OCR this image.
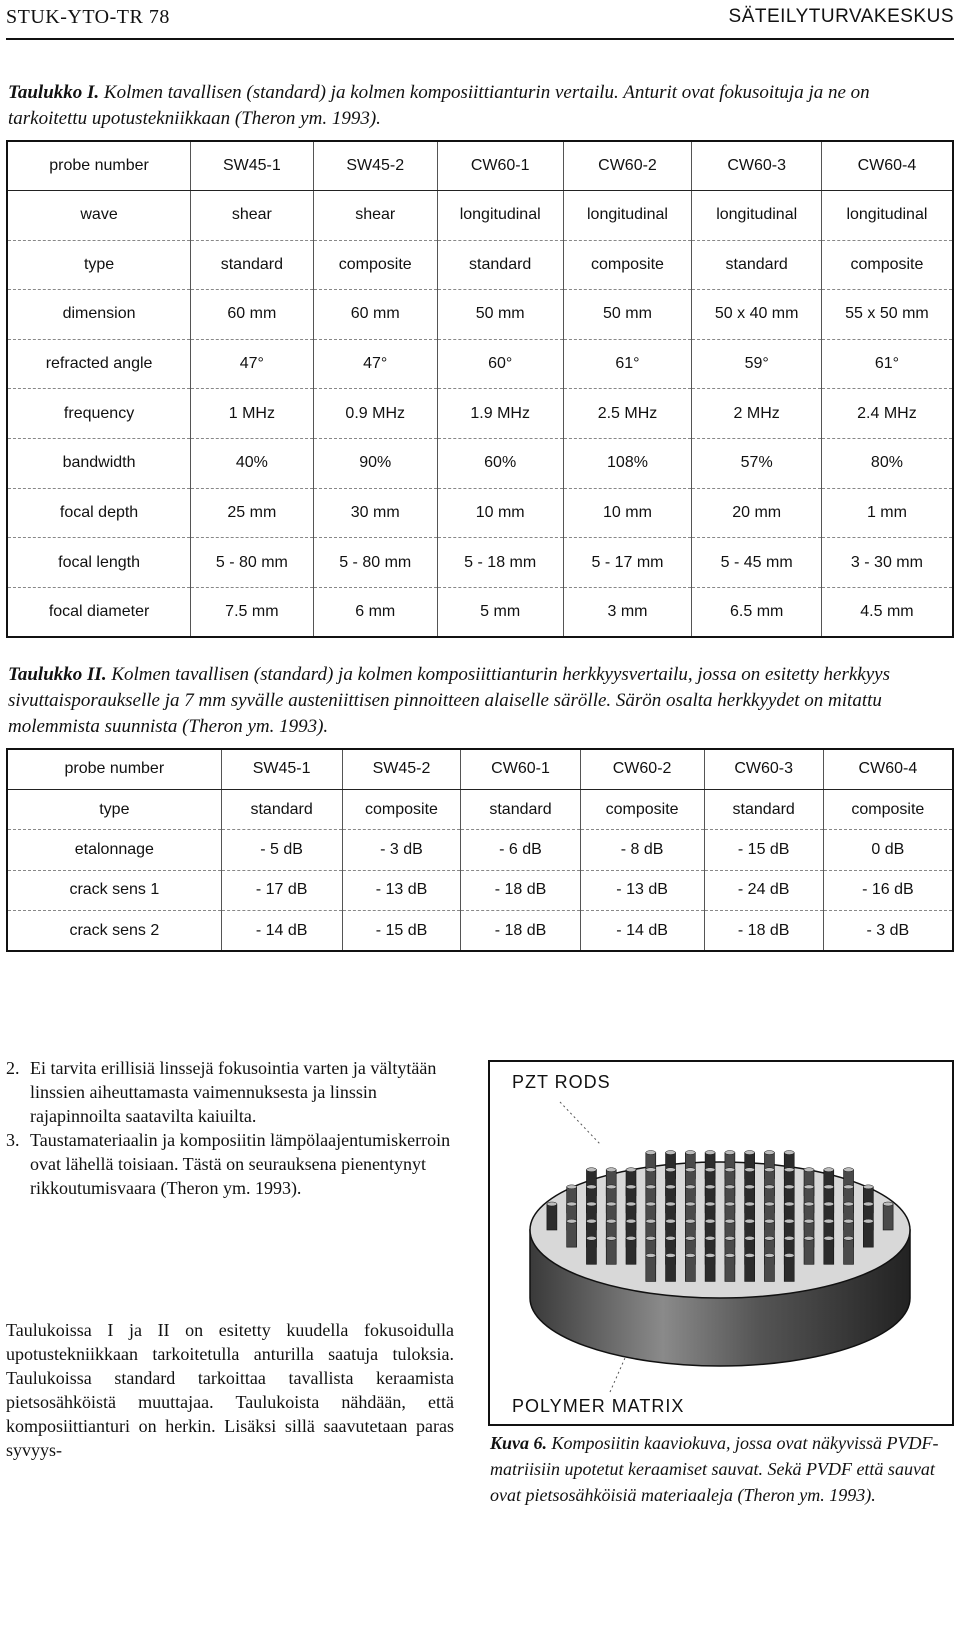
STUK-YTO-TR 78	SÄTEILYTURVAKESKUS
Taulukko I. Kolmen tavallisen (standard) ja kolmen komposiittianturin vertailu. Anturit ovat fokusoituja ja ne on tarkoitettu upotustekniikkaan (Theron ym. 1993).
probe number	SW45-1	SW45-2	CW60-1	CW60-2	CW60-3	CW60-4
wave	shear	shear	longitudinal	longitudinal	longitudinal	longitudinal
type	standard	composite	standard	composite	standard	composite
dimension	60 mm	60 mm	50 mm	50 mm	50 x 40 mm	55 x 50 mm
refracted angle	47°	47°	60°	61°	59°	61°
frequency	1 MHz	0.9 MHz	1.9 MHz	2.5 MHz	2 MHz	2.4 MHz
bandwidth	40%	90%	60%	108%	57%	80%
focal depth	25 mm	30 mm	10 mm	10 mm	20 mm	1 mm
focal length	5 - 80 mm	5 - 80 mm	5 - 18 mm	5 - 17 mm	5 - 45 mm	3 - 30 mm
focal diameter	7.5 mm	6 mm	5 mm	3 mm	6.5 mm	4.5 mm
Taulukko II. Kolmen tavallisen (standard) ja kolmen komposiittianturin herkkyysvertailu, jossa on esitetty herkkyys sivuttaisporaukselle ja 7 mm syvälle austeniittisen pinnoitteen alaiselle särölle. Särön osalta herkkyydet on mitattu molemmista suunnista (Theron ym. 1993).
probe number	SW45-1	SW45-2	CW60-1	CW60-2	CW60-3	CW60-4
type	standard	composite	standard	composite	standard	composite
etalonnage	- 5 dB	- 3 dB	- 6 dB	- 8 dB	- 15 dB	0 dB
crack sens 1	- 17 dB	- 13 dB	- 18 dB	- 13 dB	- 24 dB	- 16 dB
crack sens 2	- 14 dB	- 15 dB	- 18 dB	- 14 dB	- 18 dB	- 3 dB

2. Ei tarvita erillisiä linssejä fokusointia varten ja vältytään linssien aiheuttamasta vaimennuksesta ja linssin rajapinnoilta saatavilta kaiuilta.

3. Taustamateriaalin ja komposiitin lämpölaajentumiskerroin ovat lähellä toisiaan. Tästä on seurauksena pienentynyt rikkoutumisvaara (Theron ym. 1993).

Taulukoissa I ja II on esitetty kuudella fokusoidulla upotustekniikkaan tarkoitetulla anturilla saatuja tuloksia. Taulukoissa standard tarkoittaa tavallista keraamista pietsosähköistä muuttajaa. Taulukoista nähdään, että komposiittianturi on herkin. Lisäksi sillä saavutetaan paras syvyys-
PZT RODS
POLYMER MATRIX
Kuva 6. Komposiitin kaaviokuva, jossa ovat näkyvissä PVDF-matriisiin upotetut keraamiset sauvat. Sekä PVDF että sauvat ovat pietsosähköisiä materiaaleja (Theron ym. 1993).
